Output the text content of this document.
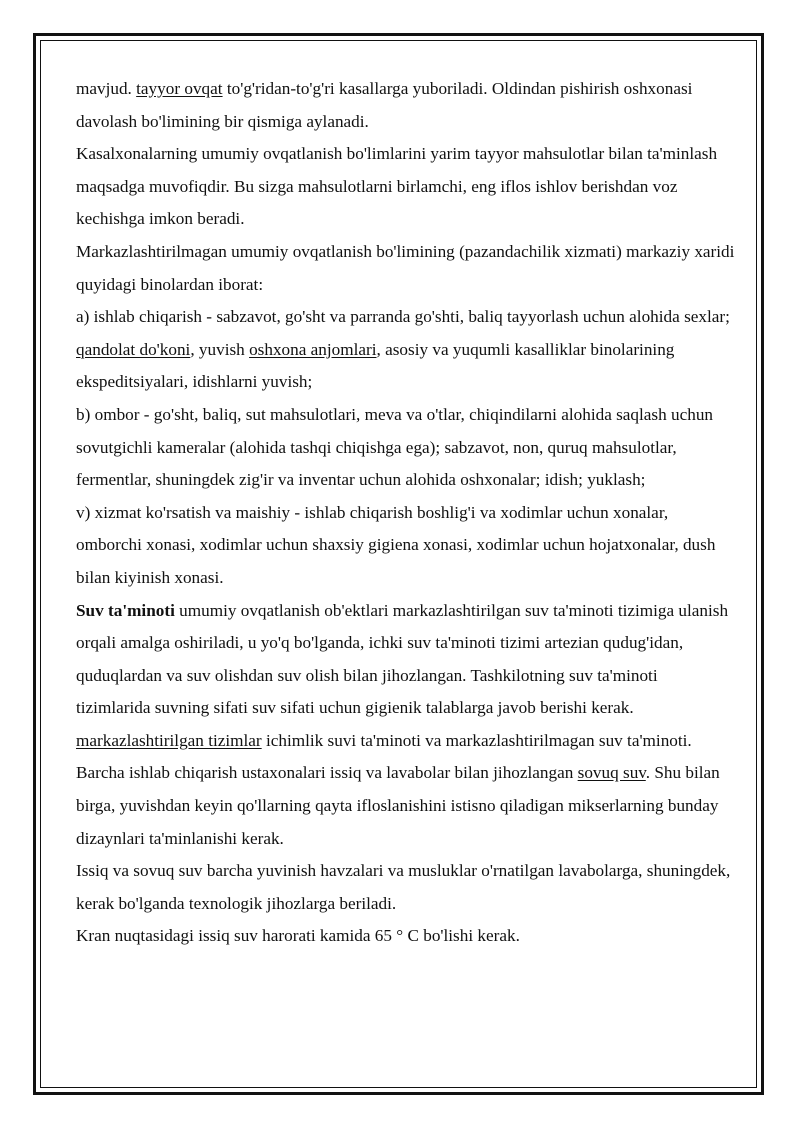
mavjud. tayyor ovqat to'g'ridan-to'g'ri kasallarga yuboriladi. Oldindan pishirish oshxonasi davolash bo'limining bir qismiga aylanadi.

Kasalxonalarning umumiy ovqatlanish bo'limlarini yarim tayyor mahsulotlar bilan ta'minlash maqsadga muvofiqdir. Bu sizga mahsulotlarni birlamchi, eng iflos ishlov berishdan voz kechishga imkon beradi.

Markazlashtirilmagan umumiy ovqatlanish bo'limining (pazandachilik xizmati) markaziy xaridi quyidagi binolardan iborat:

a) ishlab chiqarish - sabzavot, go'sht va parranda go'shti, baliq tayyorlash uchun alohida sexlar; qandolat do'koni, yuvish oshxona anjomlari, asosiy va yuqumli kasalliklar binolarining ekspeditsiyalari, idishlarni yuvish;

b) ombor - go'sht, baliq, sut mahsulotlari, meva va o'tlar, chiqindilarni alohida saqlash uchun sovutgichli kameralar (alohida tashqi chiqishga ega); sabzavot, non, quruq mahsulotlar, fermentlar, shuningdek zig'ir va inventar uchun alohida oshxonalar; idish; yuklash;

v) xizmat ko'rsatish va maishiy - ishlab chiqarish boshlig'i va xodimlar uchun xonalar, omborchi xonasi, xodimlar uchun shaxsiy gigiena xonasi, xodimlar uchun hojatxonalar, dush bilan kiyinish xonasi.

Suv ta'minoti umumiy ovqatlanish ob'ektlari markazlashtirilgan suv ta'minoti tizimiga ulanish orqali amalga oshiriladi, u yo'q bo'lganda, ichki suv ta'minoti tizimi artezian qudug'idan, quduqlardan va suv olishdan suv olish bilan jihozlangan. Tashkilotning suv ta'minoti tizimlarida suvning sifati suv sifati uchun gigienik talablarga javob berishi kerak. markazlashtirilgan tizimlar ichimlik suvi ta'minoti va markazlashtirilmagan suv ta'minoti.

Barcha ishlab chiqarish ustaxonalari issiq va lavabolar bilan jihozlangan sovuq suv. Shu bilan birga, yuvishdan keyin qo'llarning qayta ifloslanishini istisno qiladigan mikserlarning bunday dizaynlari ta'minlanishi kerak.

Issiq va sovuq suv barcha yuvinish havzalari va musluklar o'rnatilgan lavabolarga, shuningdek, kerak bo'lganda texnologik jihozlarga beriladi.

Kran nuqtasidagi issiq suv harorati kamida 65 ° C bo'lishi kerak.
